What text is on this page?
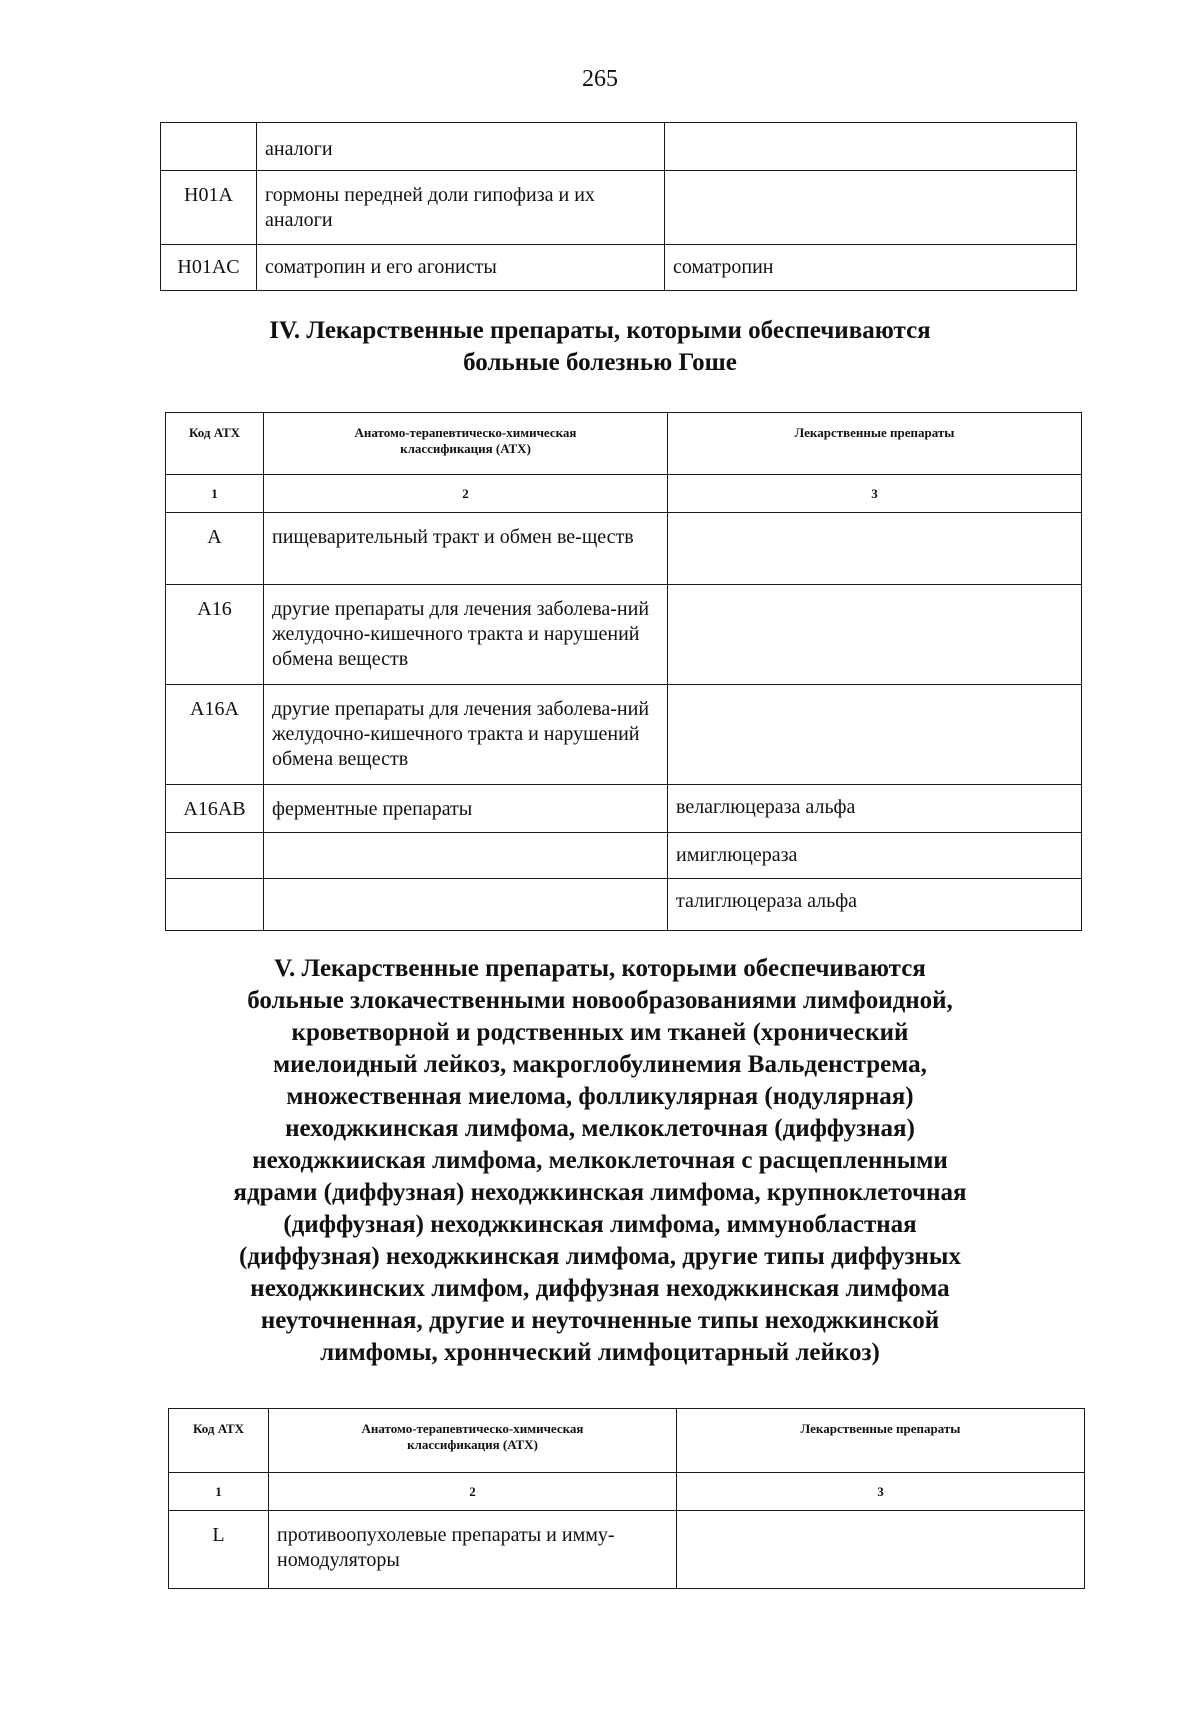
265
	аналоги	
H01A	гормоны передней доли гипофиза и их аналоги	
H01AC	соматропин и его агонисты	соматропин
IV. Лекарственные препараты, которыми обеспечиваются
больные болезнью Гоше
Код АТХ	Анатомо-терапевтическо-химическая классификация (АТХ)	Лекарственные препараты
1	2	3
A	пищеварительный тракт и обмен ве-ществ	
A16	другие препараты для лечения заболева-ний желудочно-кишечного тракта и нарушений обмена веществ	
A16A	другие препараты для лечения заболева-ний желудочно-кишечного тракта и нарушений обмена веществ	
A16AB	ферментные препараты	велаглюцераза альфа
		имиглюцераза
		талиглюцераза альфа
V. Лекарственные препараты, которыми обеспечиваются
больные злокачественными новообразованиями лимфоидной,
кроветворной и родственных им тканей (хронический
миелоидный лейкоз, макроглобулинемия Вальденстрема,
множественная миелома, фолликулярная (нодулярная)
неходжкинская лимфома, мелкоклеточная (диффузная)
неходжкииская лимфома, мелкоклеточная с расщепленными
ядрами (диффузная) неходжкинская лимфома, крупноклеточная
(диффузная) неходжкинская лимфома, иммунобластная
(диффузная) неходжкинская лимфома, другие типы диффузных
неходжкинских лимфом, диффузная неходжкинская лимфома
неуточненная, другие и неуточненные типы неходжкинской
лимфомы, хроннческий лимфоцитарный лейкоз)
Код АТХ	Анатомо-терапевтическо-химическая классификация (АТХ)	Лекарственные препараты
1	2	3
L	противоопухолевые препараты и имму-номодуляторы	
